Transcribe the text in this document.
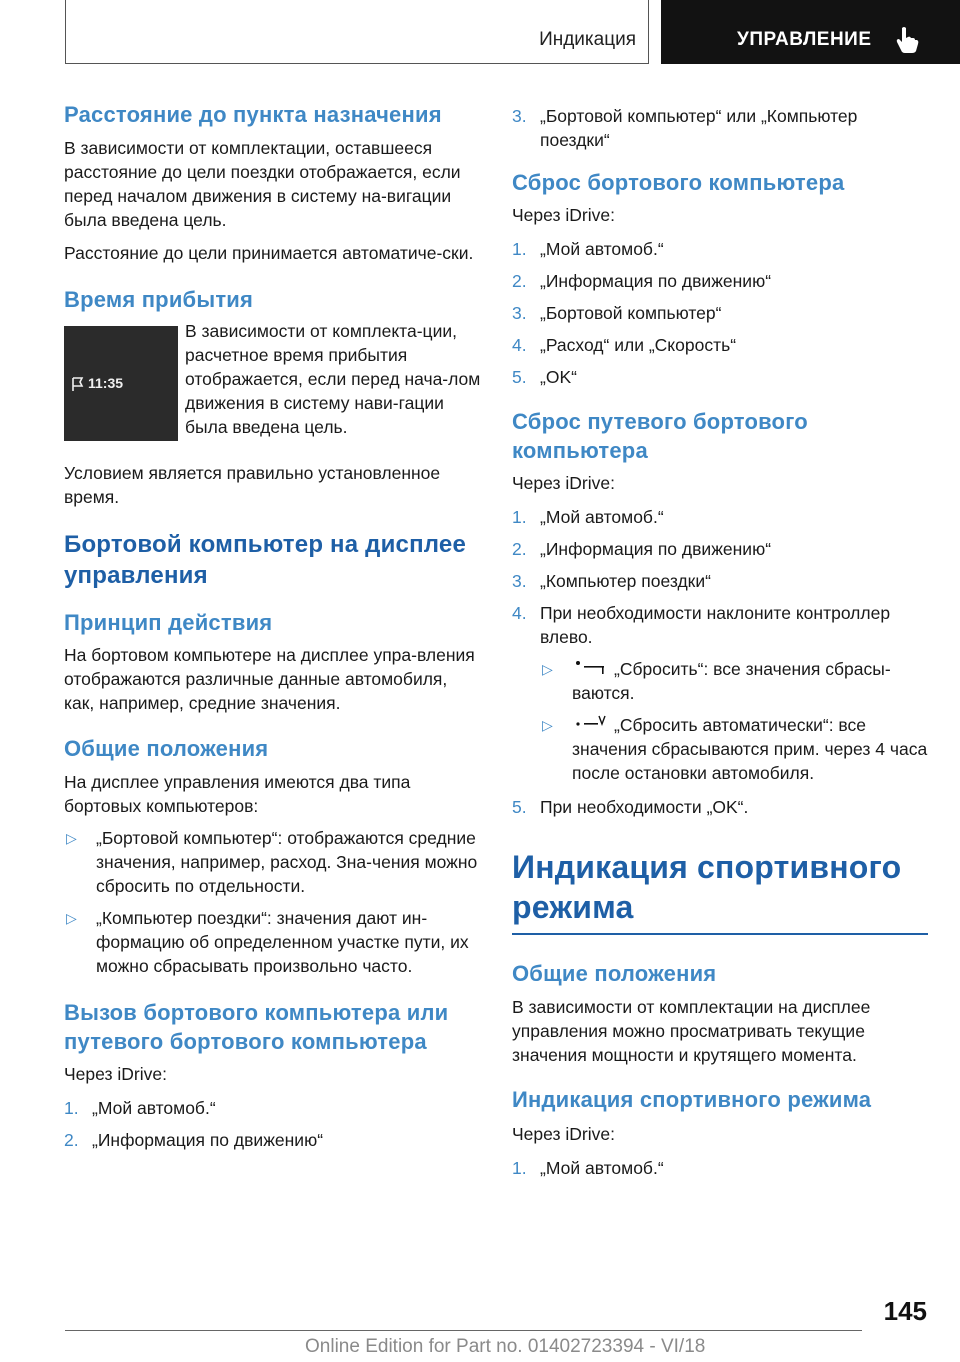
Индикация	УПРАВЛЕНИЕ
Расстояние до пункта назначения

В зависимости от комплектации, оставшееся расстояние до цели поездки отображается, если перед началом движения в систему на-вигации была введена цель.

Расстояние до цели принимается автоматиче-ски.

Время прибытия
11:35

В зависимости от комплекта-ции, расчетное время прибытия отображается, если перед нача-лом движения в систему нави-гации была введена цель.

Условием является правильно установленное время.

Бортовой компьютер на дисплее управления
Принцип действия

На бортовом компьютере на дисплее упра-вления отображаются различные данные автомобиля, как, например, средние значения.

Общие положения

На дисплее управления имеются два типа бортовых компьютеров:

▷ „Бортовой компьютер“: отображаются средние значения, например, расход. Зна-чения можно сбросить по отдельности.
▷ „Компьютер поездки“: значения дают ин-формацию об определенном участке пути, их можно сбрасывать произвольно часто.
Вызов бортового компьютера или путевого бортового компьютера

Через iDrive:

1. „Мой автомоб.“
2. „Информация по движению“
3. „Бортовой компьютер“ или „Компьютер поездки“
Сброс бортового компьютера

Через iDrive:

1. „Мой автомоб.“
2. „Информация по движению“
3. „Бортовой компьютер“
4. „Расход“ или „Скорость“
5. „OK“
Сброс путевого бортового компьютера

Через iDrive:

1. „Мой автомоб.“
2. „Информация по движению“
3. „Компьютер поездки“
4. При необходимости наклоните контроллер влево.
▷	„Сбросить“: все значения сбрасы-ваются.
▷	„Сбросить автоматически“: все значения сбрасываются прим. через 4 часа после остановки автомобиля.
5. При необходимости „OK“.
Индикация спортивного режима
Общие положения

В зависимости от комплектации на дисплее управления можно просматривать текущие значения мощности и крутящего момента.

Индикация спортивного режима

Через iDrive:

1. „Мой автомоб.“
145
Online Edition for Part no. 01402723394 - VI/18
